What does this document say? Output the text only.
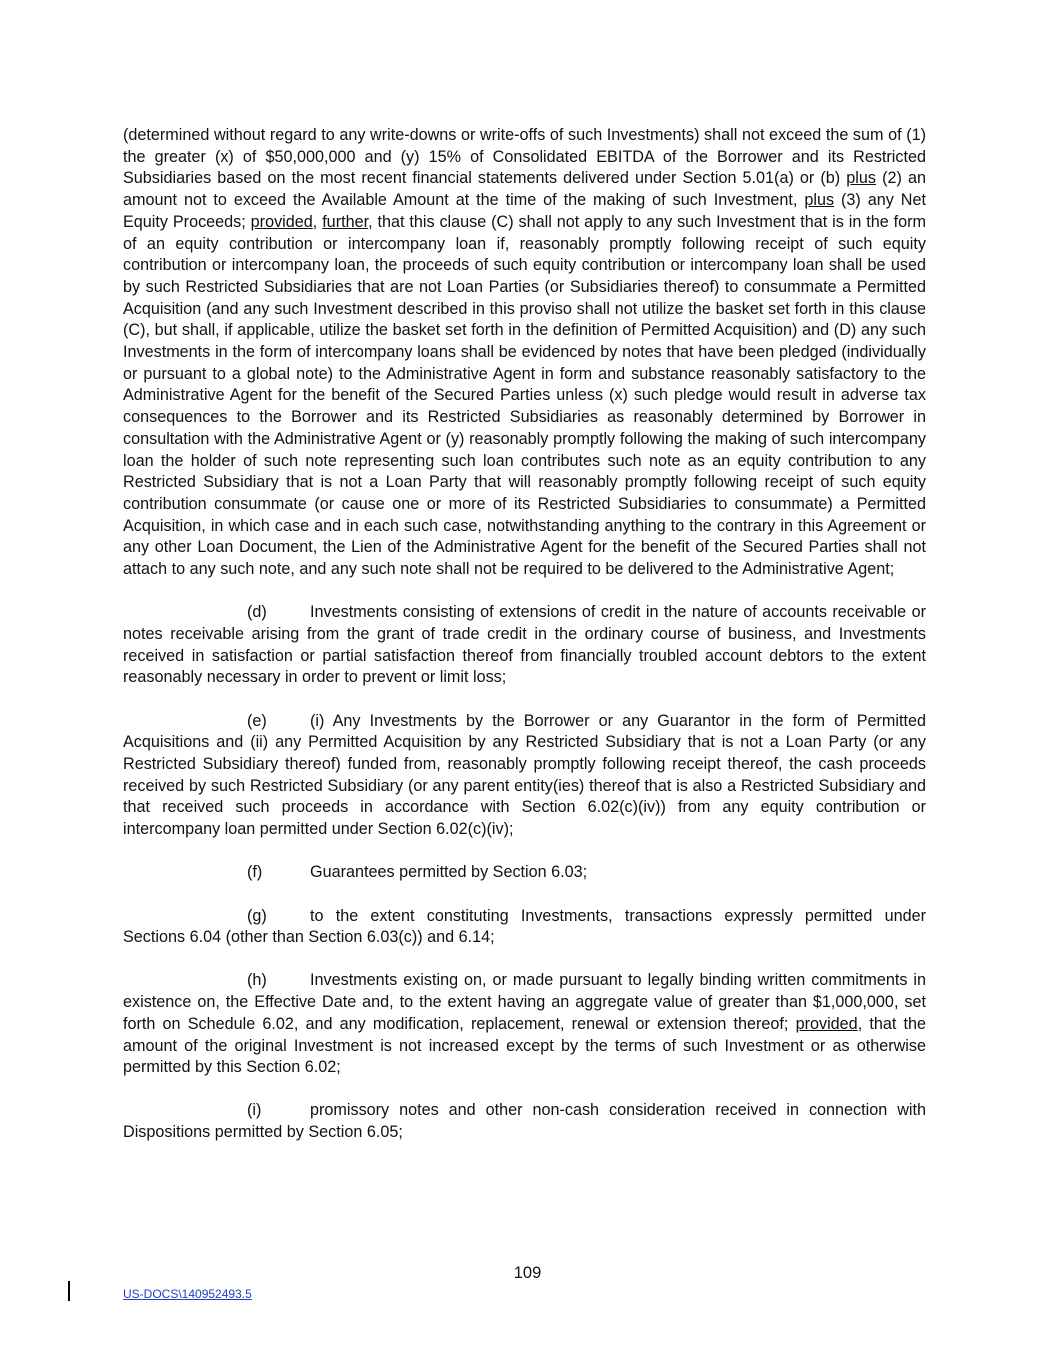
(determined without regard to any write-downs or write-offs of such Investments) shall not exceed the sum of (1) the greater (x) of $50,000,000 and (y) 15% of Consolidated EBITDA of the Borrower and its Restricted Subsidiaries based on the most recent financial statements delivered under Section 5.01(a) or (b) plus (2) an amount not to exceed the Available Amount at the time of the making of such Investment, plus (3) any Net Equity Proceeds; provided, further, that this clause (C) shall not apply to any such Investment that is in the form of an equity contribution or intercompany loan if, reasonably promptly following receipt of such equity contribution or intercompany loan, the proceeds of such equity contribution or intercompany loan shall be used by such Restricted Subsidiaries that are not Loan Parties (or Subsidiaries thereof) to consummate a Permitted Acquisition (and any such Investment described in this proviso shall not utilize the basket set forth in this clause (C), but shall, if applicable, utilize the basket set forth in the definition of Permitted Acquisition) and (D) any such Investments in the form of intercompany loans shall be evidenced by notes that have been pledged (individually or pursuant to a global note) to the Administrative Agent in form and substance reasonably satisfactory to the Administrative Agent for the benefit of the Secured Parties unless (x) such pledge would result in adverse tax consequences to the Borrower and its Restricted Subsidiaries as reasonably determined by Borrower in consultation with the Administrative Agent or (y) reasonably promptly following the making of such intercompany loan the holder of such note representing such loan contributes such note as an equity contribution to any Restricted Subsidiary that is not a Loan Party that will reasonably promptly following receipt of such equity contribution consummate (or cause one or more of its Restricted Subsidiaries to consummate) a Permitted Acquisition, in which case and in each such case, notwithstanding anything to the contrary in this Agreement or any other Loan Document, the Lien of the Administrative Agent for the benefit of the Secured Parties shall not attach to any such note, and any such note shall not be required to be delivered to the Administrative Agent;

(d)	Investments consisting of extensions of credit in the nature of accounts receivable or notes receivable arising from the grant of trade credit in the ordinary course of business, and Investments received in satisfaction or partial satisfaction thereof from financially troubled account debtors to the extent reasonably necessary in order to prevent or limit loss;

(e)	(i) Any Investments by the Borrower or any Guarantor in the form of Permitted Acquisitions and (ii) any Permitted Acquisition by any Restricted Subsidiary that is not a Loan Party (or any Restricted Subsidiary thereof) funded from, reasonably promptly following receipt thereof, the cash proceeds received by such Restricted Subsidiary (or any parent entity(ies) thereof that is also a Restricted Subsidiary and that received such proceeds in accordance with Section 6.02(c)(iv)) from any equity contribution or intercompany loan permitted under Section 6.02(c)(iv);

(f)	Guarantees permitted by Section 6.03;

(g)	to the extent constituting Investments, transactions expressly permitted under Sections 6.04 (other than Section 6.03(c)) and 6.14;

(h)	Investments existing on, or made pursuant to legally binding written commitments in existence on, the Effective Date and, to the extent having an aggregate value of greater than $1,000,000, set forth on Schedule 6.02, and any modification, replacement, renewal or extension thereof; provided, that the amount of the original Investment is not increased except by the terms of such Investment or as otherwise permitted by this Section 6.02;

(i)	promissory notes and other non-cash consideration received in connection with Dispositions permitted by Section 6.05;

109
US-DOCS\140952493.5
